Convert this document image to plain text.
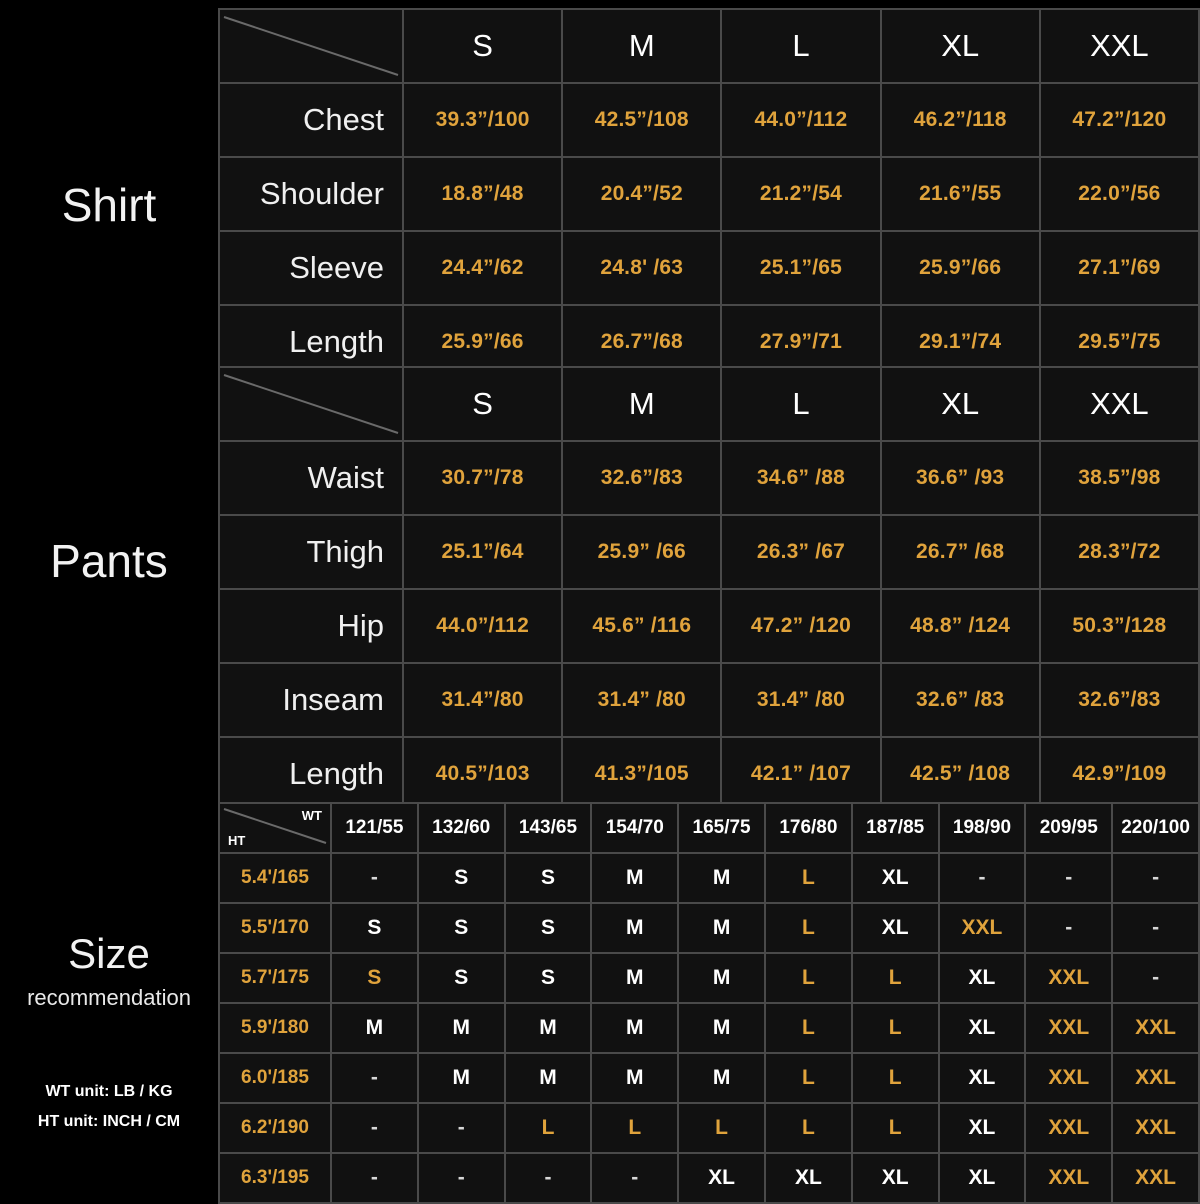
Shirt
Pants
Size
recommendation
WT unit: LB / KG
HT unit: INCH / CM
	S	M	L	XL	XXL
Chest	39.3”/100	42.5”/108	44.0”/112	46.2”/118	47.2”/120
Shoulder	18.8”/48	20.4”/52	21.2”/54	21.6”/55	22.0”/56
Sleeve	24.4”/62	24.8' /63	25.1”/65	25.9”/66	27.1”/69
Length	25.9”/66	26.7”/68	27.9”/71	29.1”/74	29.5”/75
	S	M	L	XL	XXL
Waist	30.7”/78	32.6”/83	34.6” /88	36.6” /93	38.5”/98
Thigh	25.1”/64	25.9” /66	26.3” /67	26.7” /68	28.3”/72
Hip	44.0”/112	45.6” /116	47.2” /120	48.8” /124	50.3”/128
Inseam	31.4”/80	31.4” /80	31.4” /80	32.6” /83	32.6”/83
Length	40.5”/103	41.3”/105	42.1” /107	42.5” /108	42.9”/109
WT
HT	121/55	132/60	143/65	154/70	165/75	176/80	187/85	198/90	209/95	220/100
5.4'/165	-	S	S	M	M	L	XL	-	-	-
5.5'/170	S	S	S	M	M	L	XL	XXL	-	-
5.7'/175	S	S	S	M	M	L	L	XL	XXL	-
5.9'/180	M	M	M	M	M	L	L	XL	XXL	XXL
6.0'/185	-	M	M	M	M	L	L	XL	XXL	XXL
6.2'/190	-	-	L	L	L	L	L	XL	XXL	XXL
6.3'/195	-	-	-	-	XL	XL	XL	XL	XXL	XXL
